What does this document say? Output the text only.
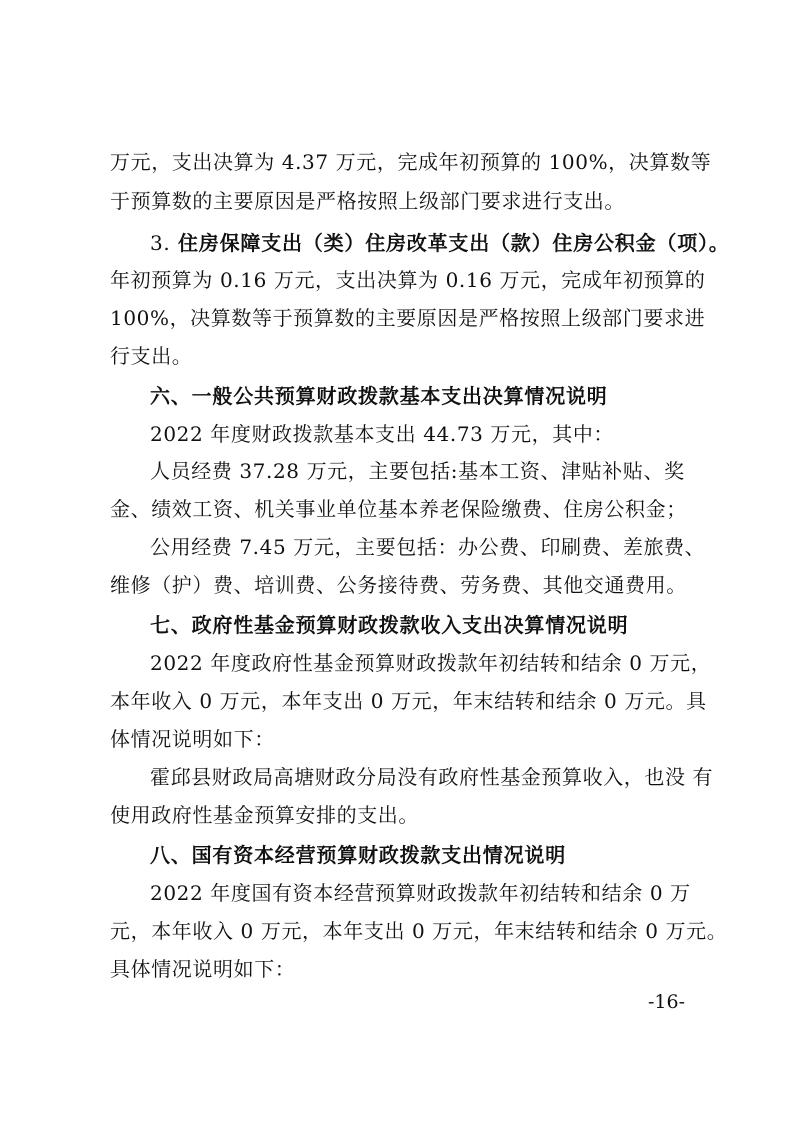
万元，支出决算为 4.37 万元，完成年初预算的 100%，决算数等
于预算数的主要原因是严格按照上级部门要求进行支出。
3. 住房保障支出（类）住房改革支出（款）住房公积金（项）。
年初预算为 0.16 万元，支出决算为 0.16 万元，完成年初预算的
100%，决算数等于预算数的主要原因是严格按照上级部门要求进
行支出。
六、一般公共预算财政拨款基本支出决算情况说明
2022 年度财政拨款基本支出 44.73 万元，其中：
人员经费 37.28 万元，主要包括:基本工资、津贴补贴、奖
金、绩效工资、机关事业单位基本养老保险缴费、住房公积金；
公用经费 7.45 万元，主要包括：办公费、印刷费、差旅费、
维修（护）费、培训费、公务接待费、劳务费、其他交通费用。
七、政府性基金预算财政拨款收入支出决算情况说明
2022 年度政府性基金预算财政拨款年初结转和结余 0 万元，
本年收入 0 万元，本年支出 0 万元，年末结转和结余 0 万元。具
体情况说明如下：
霍邱县财政局高塘财政分局没有政府性基金预算收入，也没 有
使用政府性基金预算安排的支出。
八、国有资本经营预算财政拨款支出情况说明
2022 年度国有资本经营预算财政拨款年初结转和结余 0 万
元，本年收入 0 万元，本年支出 0 万元，年末结转和结余 0 万元。
具体情况说明如下：
-16-
